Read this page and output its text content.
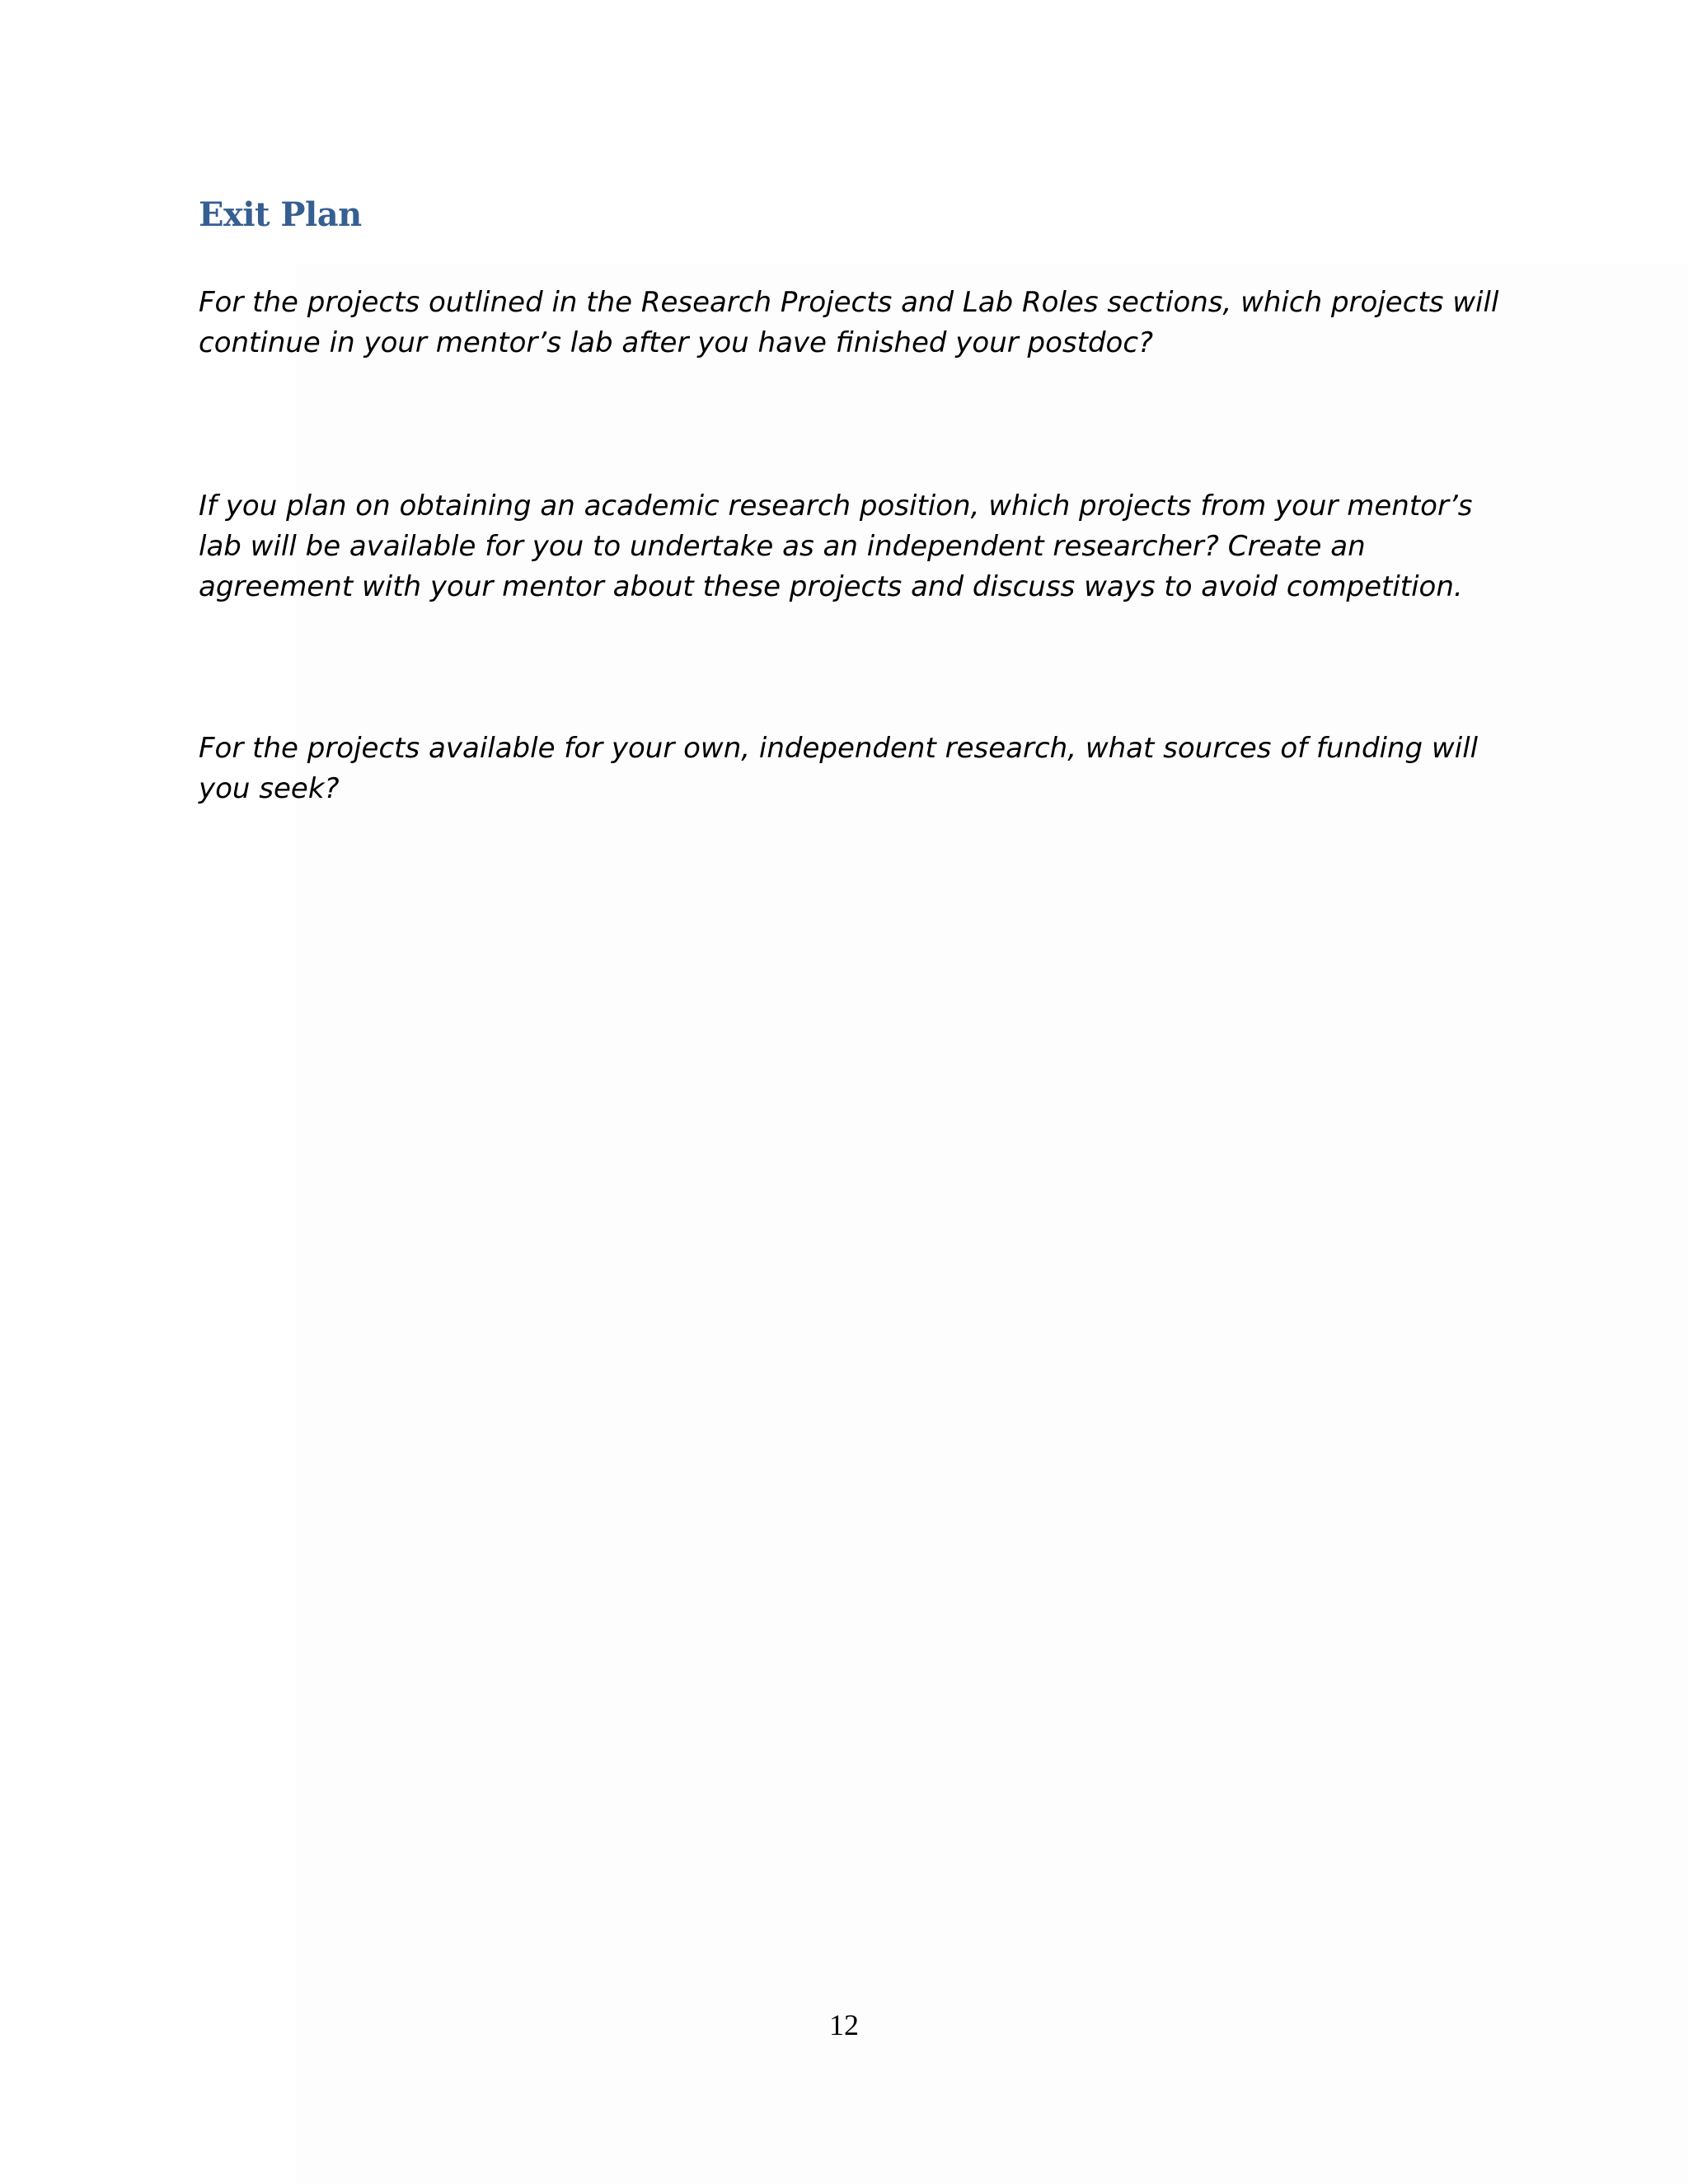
Exit Plan

For the projects outlined in the Research Projects and Lab Roles sections, which projects will continue in your mentor’s lab after you have finished your postdoc?

If you plan on obtaining an academic research position, which projects from your mentor’s lab will be available for you to undertake as an independent researcher? Create an agreement with your mentor about these projects and discuss ways to avoid competition.

For the projects available for your own, independent research, what sources of funding will you seek?

12
